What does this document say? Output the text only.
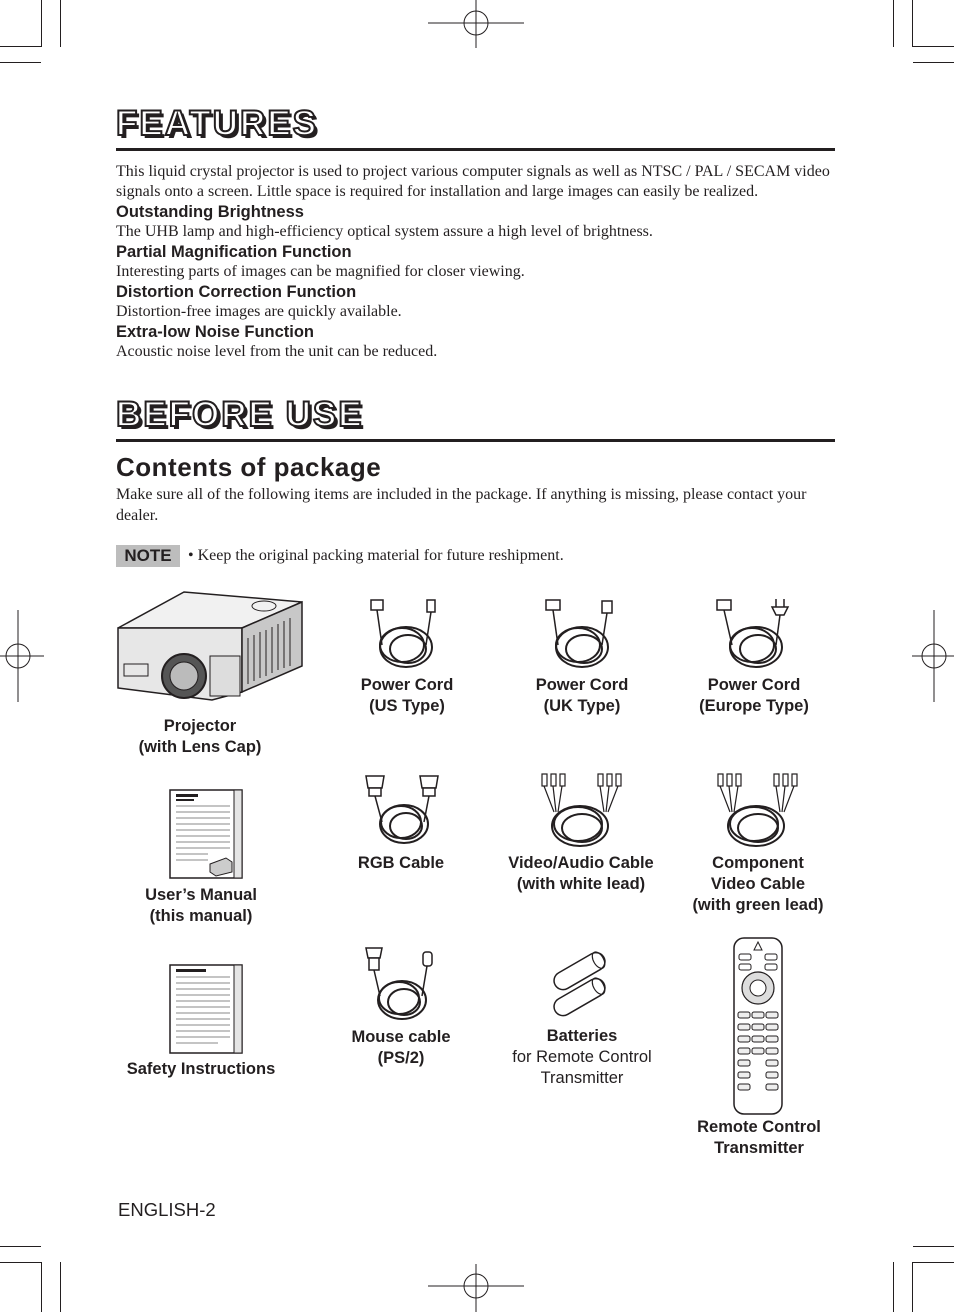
FEATURES
This liquid crystal projector is used to project various computer signals as well as NTSC / PAL / SECAM video signals onto a screen. Little space is required for installation and large images can easily be realized.
Outstanding Brightness
The UHB lamp and high-efficiency optical system assure a high level of brightness.
Partial Magnification Function
Interesting parts of images can be magnified for closer viewing.
Distortion Correction Function
Distortion-free images are quickly available.
Extra-low Noise Function
Acoustic noise level from the unit can be reduced.
BEFORE USE
Contents of package
Make sure all of the following items are included in the package. If anything is missing, please contact your dealer.
NOTE	• Keep the original packing material for future reshipment.
Projector
(with Lens Cap)
Power Cord
(US Type)
Power Cord
(UK Type)
Power Cord
(Europe Type)
User’s Manual
(this manual)
RGB Cable	Video/Audio Cable
(with white lead)
Component
Video Cable
(with green lead)
Safety Instructions
Mouse cable
(PS/2)
Batteries
for Remote Control
Transmitter
Remote Control
Transmitter
ENGLISH-2
